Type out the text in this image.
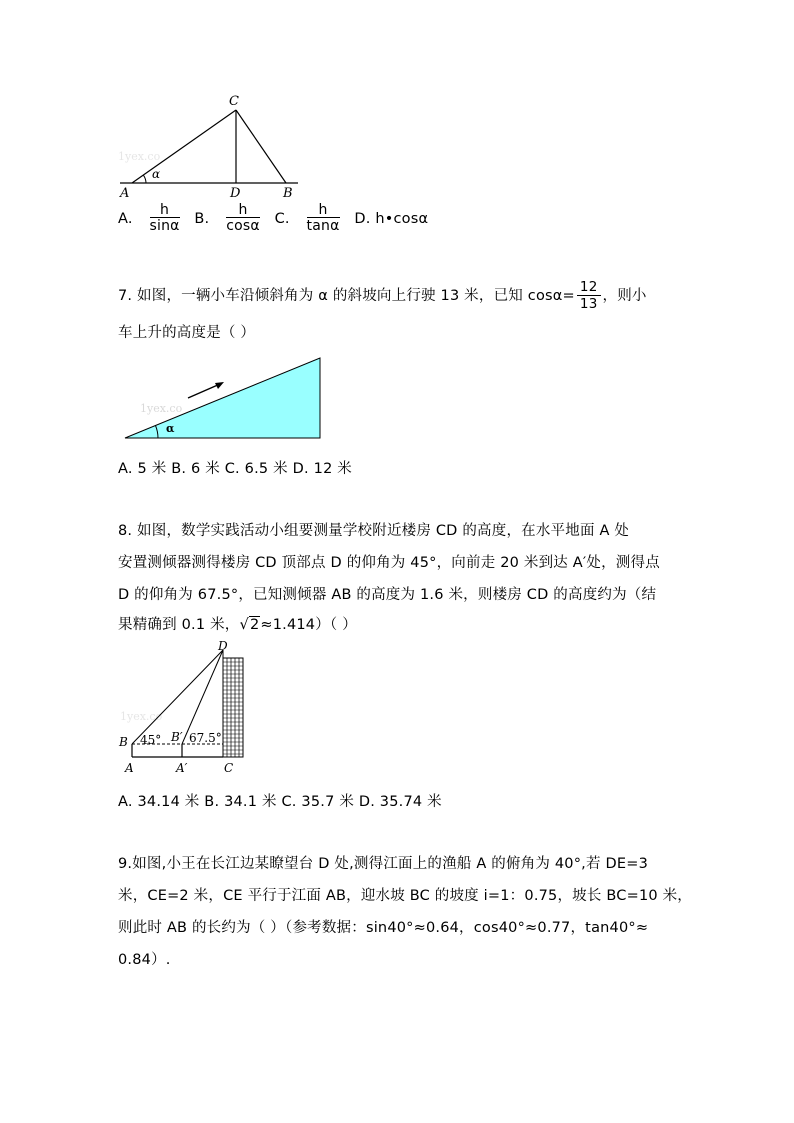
1yex.co
α
C
A	D	B
A. $\frac{h}{\sin\alpha} B$. $\frac{h}{\cos\alpha} C$. $\frac{h}{\tan\alpha} D$. h•cosα
7. 如图，一辆小车沿倾斜角为 α 的斜坡向上行驶 13 米，已知 $\cos\alpha= \frac{12}{13}$ ，则小
车上升的高度是（ ）
1yex.co
α
A. 5 米 B. 6 米 C. 6.5 米 D. 12 米
8. 如图，数学实践活动小组要测量学校附近楼房 CD 的高度，在水平地面 A 处
安置测倾器测得楼房 CD 顶部点 D 的仰角为 45°，向前走 20 米到达 A′处，测得点
D 的仰角为 67.5°，已知测倾器 AB 的高度为 1.6 米，则楼房 CD 的高度约为（结
果精确到 0.1 米，√2≈1.414）（ ）
1yex.co
D
B 45° B′ 67.5°
A	A′	C
A. 34.14 米 B. 34.1 米 C. 35.7 米 D. 35.74 米
9.如图,小王在长江边某瞭望台 D 处,测得江面上的渔船 A 的俯角为 40°,若 DE=3
米，CE=2 米，CE 平行于江面 AB，迎水坡 BC 的坡度 i=1：0.75，坡长 BC=10 米，
则此时 AB 的长约为（ ）（参考数据：sin40°≈0.64，cos40°≈0.77，tan40°≈
0.84）.
